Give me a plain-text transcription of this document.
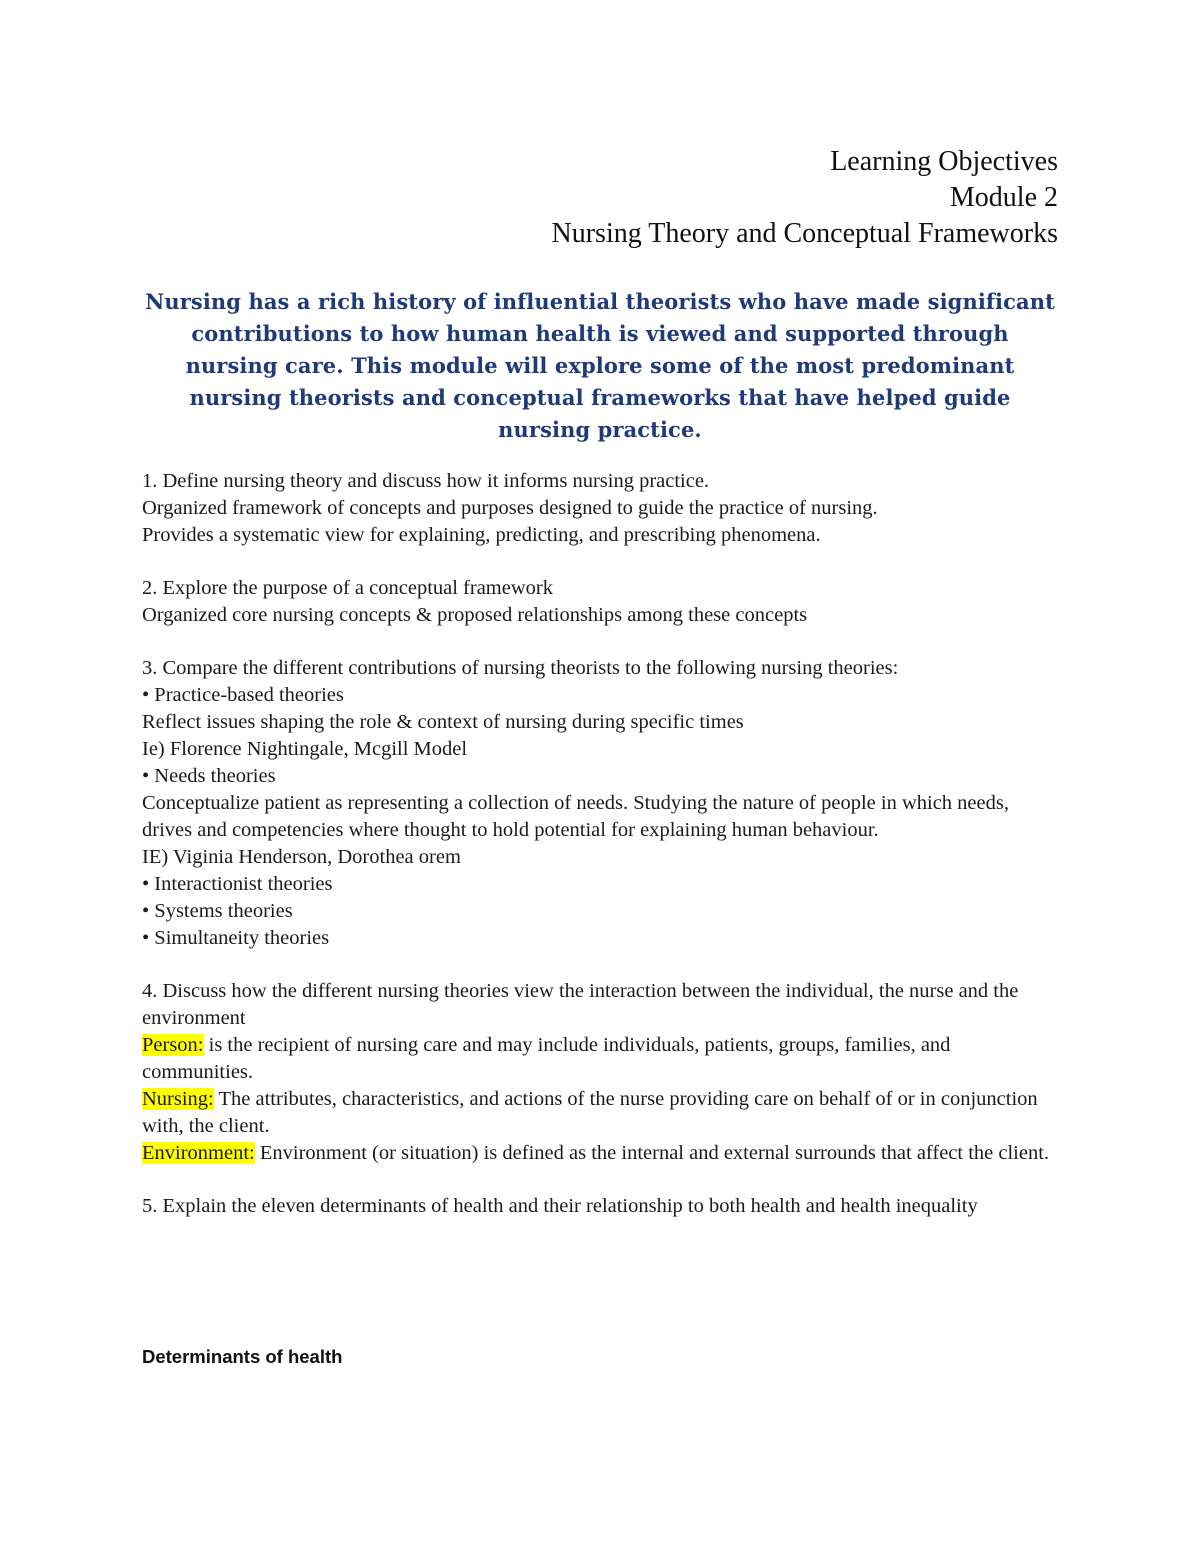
Learning Objectives
Module 2
Nursing Theory and Conceptual Frameworks
Nursing has a rich history of influential theorists who have made significant contributions to how human health is viewed and supported through nursing care. This module will explore some of the most predominant nursing theorists and conceptual frameworks that have helped guide nursing practice.

1. Define nursing theory and discuss how it informs nursing practice.

Organized framework of concepts and purposes designed to guide the practice of nursing.

Provides a systematic view for explaining, predicting, and prescribing phenomena.

2. Explore the purpose of a conceptual framework

Organized core nursing concepts & proposed relationships among these concepts

3. Compare the different contributions of nursing theorists to the following nursing theories:

• Practice-based theories

Reflect issues shaping the role & context of nursing during specific times

Ie) Florence Nightingale, Mcgill Model

• Needs theories

Conceptualize patient as representing a collection of needs. Studying the nature of people in which needs, drives and competencies where thought to hold potential for explaining human behaviour.

IE) Viginia Henderson, Dorothea orem

• Interactionist theories

• Systems theories

• Simultaneity theories

4. Discuss how the different nursing theories view the interaction between the individual, the nurse and the environment

Person: is the recipient of nursing care and may include individuals, patients, groups, families, and communities.

Nursing: The attributes, characteristics, and actions of the nurse providing care on behalf of or in conjunction with, the client.

Environment: Environment (or situation) is defined as the internal and external surrounds that affect the client.

5. Explain the eleven determinants of health and their relationship to both health and health inequality

Determinants of health
